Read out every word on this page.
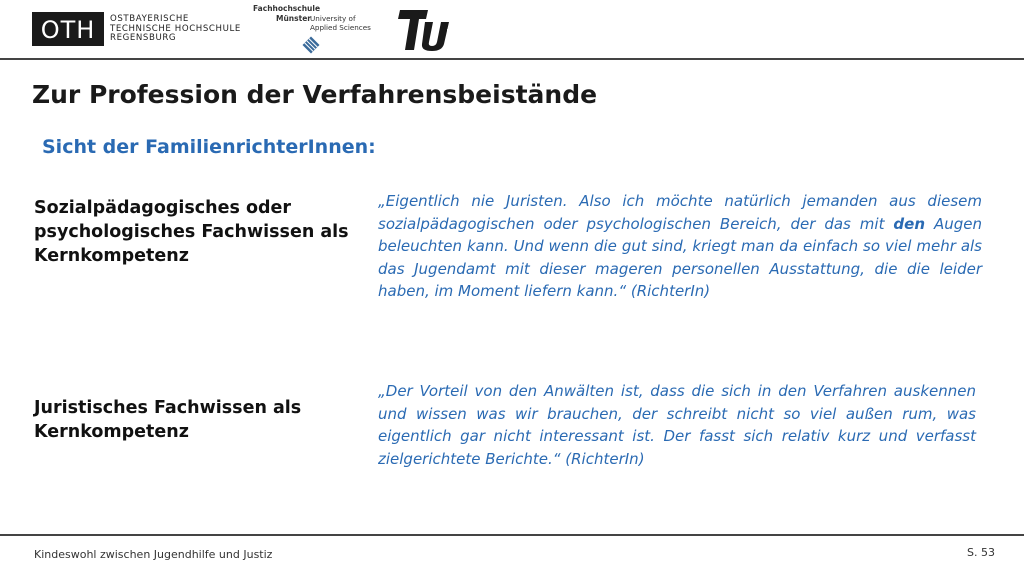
OTH OSTBAYERISCHE
TECHNISCHE HOCHSCHULE
REGENSBURG
Fachhochschule
Münster University of
Applied Sciences	berlin
Zur Profession der Verfahrensbeistände
Sicht der FamilienrichterInnen:
Sozialpädagogisches oder psychologisches Fachwissen als Kernkompetenz
„Eigentlich nie Juristen. Also ich möchte natürlich jemanden aus diesem sozialpädagogischen oder psychologischen Bereich, der das mit den Augen beleuchten kann. Und wenn die gut sind, kriegt man da einfach so viel mehr als das Jugendamt mit dieser mageren personellen Ausstattung, die die leider haben, im Moment liefern kann.“ (RichterIn)
Juristisches Fachwissen als Kernkompetenz
„Der Vorteil von den Anwälten ist, dass die sich in den Verfahren auskennen und wissen was wir brauchen, der schreibt nicht so viel außen rum, was eigentlich gar nicht interessant ist. Der fasst sich relativ kurz und verfasst zielgerichtete Berichte.“ (RichterIn)
Kindeswohl zwischen Jugendhilfe und Justiz	S. 53
